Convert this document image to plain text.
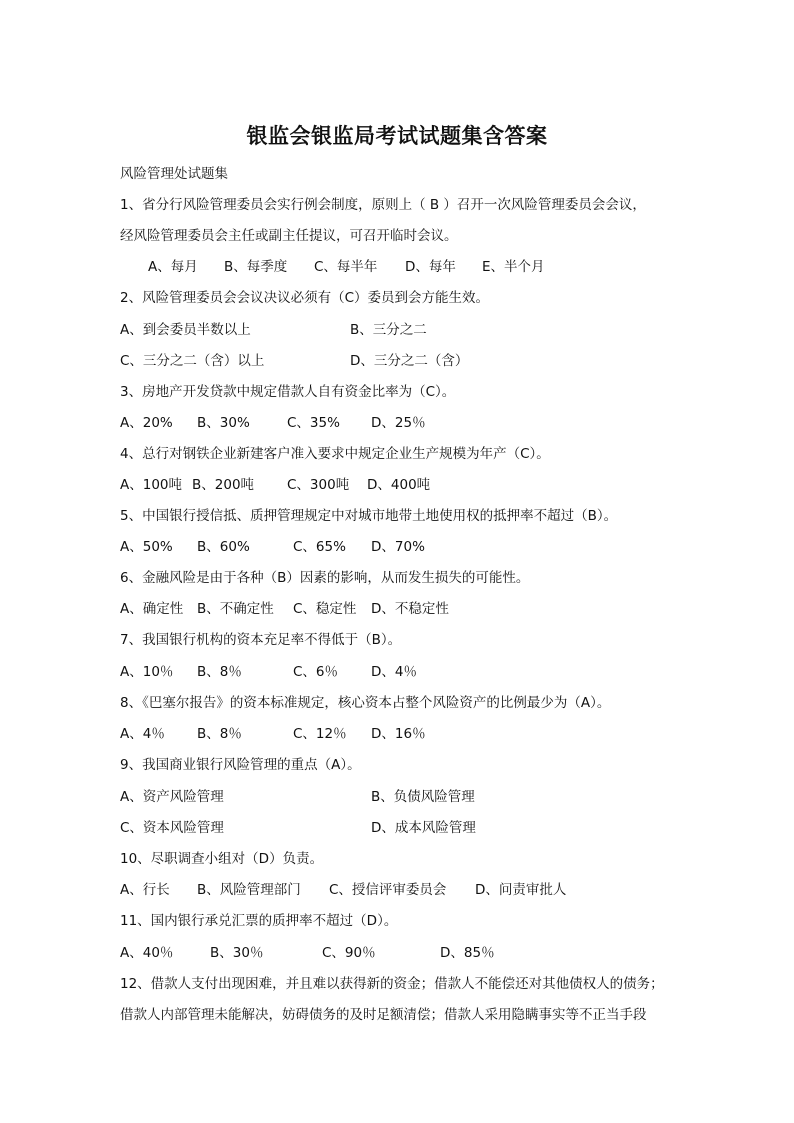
银监会银监局考试试题集含答案
风险管理处试题集
1、省分行风险管理委员会实行例会制度，原则上（ B ）召开一次风险管理委员会会议，
经风险管理委员会主任或副主任提议，可召开临时会议。
A、每月 B、每季度 C、每半年 D、每年 E、半个月
2、风险管理委员会会议决议必须有（C）委员到会方能生效。
A、到会委员半数以上	B、三分之二
C、三分之二（含）以上	D、三分之二（含）
3、房地产开发贷款中规定借款人自有资金比率为（C）。
A、20% B、30%	C、35% D、25％
4、总行对钢铁企业新建客户准入要求中规定企业生产规模为年产（C）。
A、100吨 B、200吨 C、300吨 D、400吨
5、中国银行授信抵、质押管理规定中对城市地带土地使用权的抵押率不超过（B）。
A、50% B、60%	C、65% D、70%
6、金融风险是由于各种（B）因素的影响，从而发生损失的可能性。
A、确定性 B、不确定性 C、稳定性 D、不稳定性
7、我国银行机构的资本充足率不得低于（B）。
A、10％ B、8％	C、6％ D、4％
8、《巴塞尔报告》的资本标准规定，核心资本占整个风险资产的比例最少为（A）。
A、4％ B、8％	C、12％ D、16％
9、我国商业银行风险管理的重点（A）。
A、资产风险管理	B、负债风险管理
C、资本风险管理	D、成本风险管理
10、尽职调查小组对（D）负责。
A、行长 B、风险管理部门 C、授信评审委员会 D、问责审批人
11、国内银行承兑汇票的质押率不超过（D）。
A、40％	B、30％	C、90％	D、85％
12、借款人支付出现困难，并且难以获得新的资金；借款人不能偿还对其他债权人的债务；
借款人内部管理未能解决，妨碍债务的及时足额清偿；借款人采用隐瞒事实等不正当手段
